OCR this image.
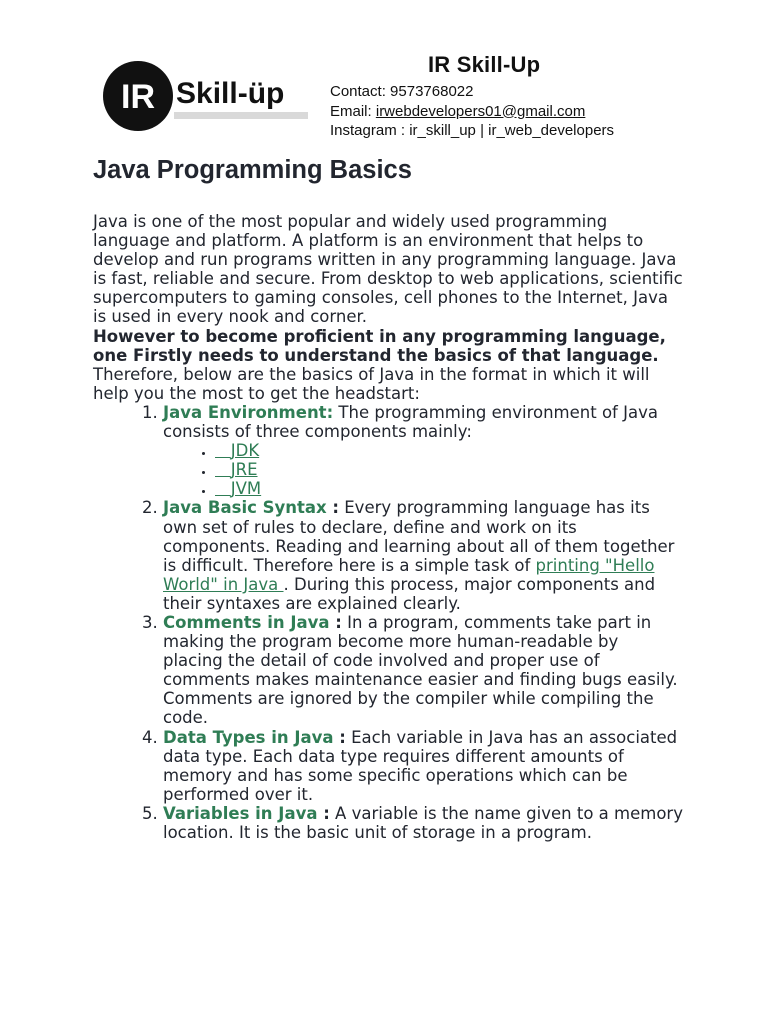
IR Skill-üp
IR Skill-Up
Contact: 9573768022
Email: irwebdevelopers01@gmail.com
Instagram : ir_skill_up | ir_web_developers
Java Programming Basics

Java is one of the most popular and widely used programming language and platform. A platform is an environment that helps to develop and run programs written in any programming language. Java is fast, reliable and secure. From desktop to web applications, scientific supercomputers to gaming consoles, cell phones to the Internet, Java is used in every nook and corner.

However to become proficient in any programming language, one Firstly needs to understand the basics of that language.

Therefore, below are the basics of Java in the format in which it will help you the most to get the headstart:

1. Java Environment: The programming environment of Java consists of three components mainly:
•    JDK
•    JRE
•    JVM
2. Java Basic Syntax : Every programming language has its own set of rules to declare, define and work on its components. Reading and learning about all of them together is difficult. Therefore here is a simple task of printing "Hello World" in Java . During this process, major components and their syntaxes are explained clearly.
3. Comments in Java : In a program, comments take part in making the program become more human-readable by placing the detail of code involved and proper use of comments makes maintenance easier and finding bugs easily. Comments are ignored by the compiler while compiling the code.
4. Data Types in Java : Each variable in Java has an associated data type. Each data type requires different amounts of memory and has some specific operations which can be performed over it.
5. Variables in Java : A variable is the name given to a memory location. It is the basic unit of storage in a program.
